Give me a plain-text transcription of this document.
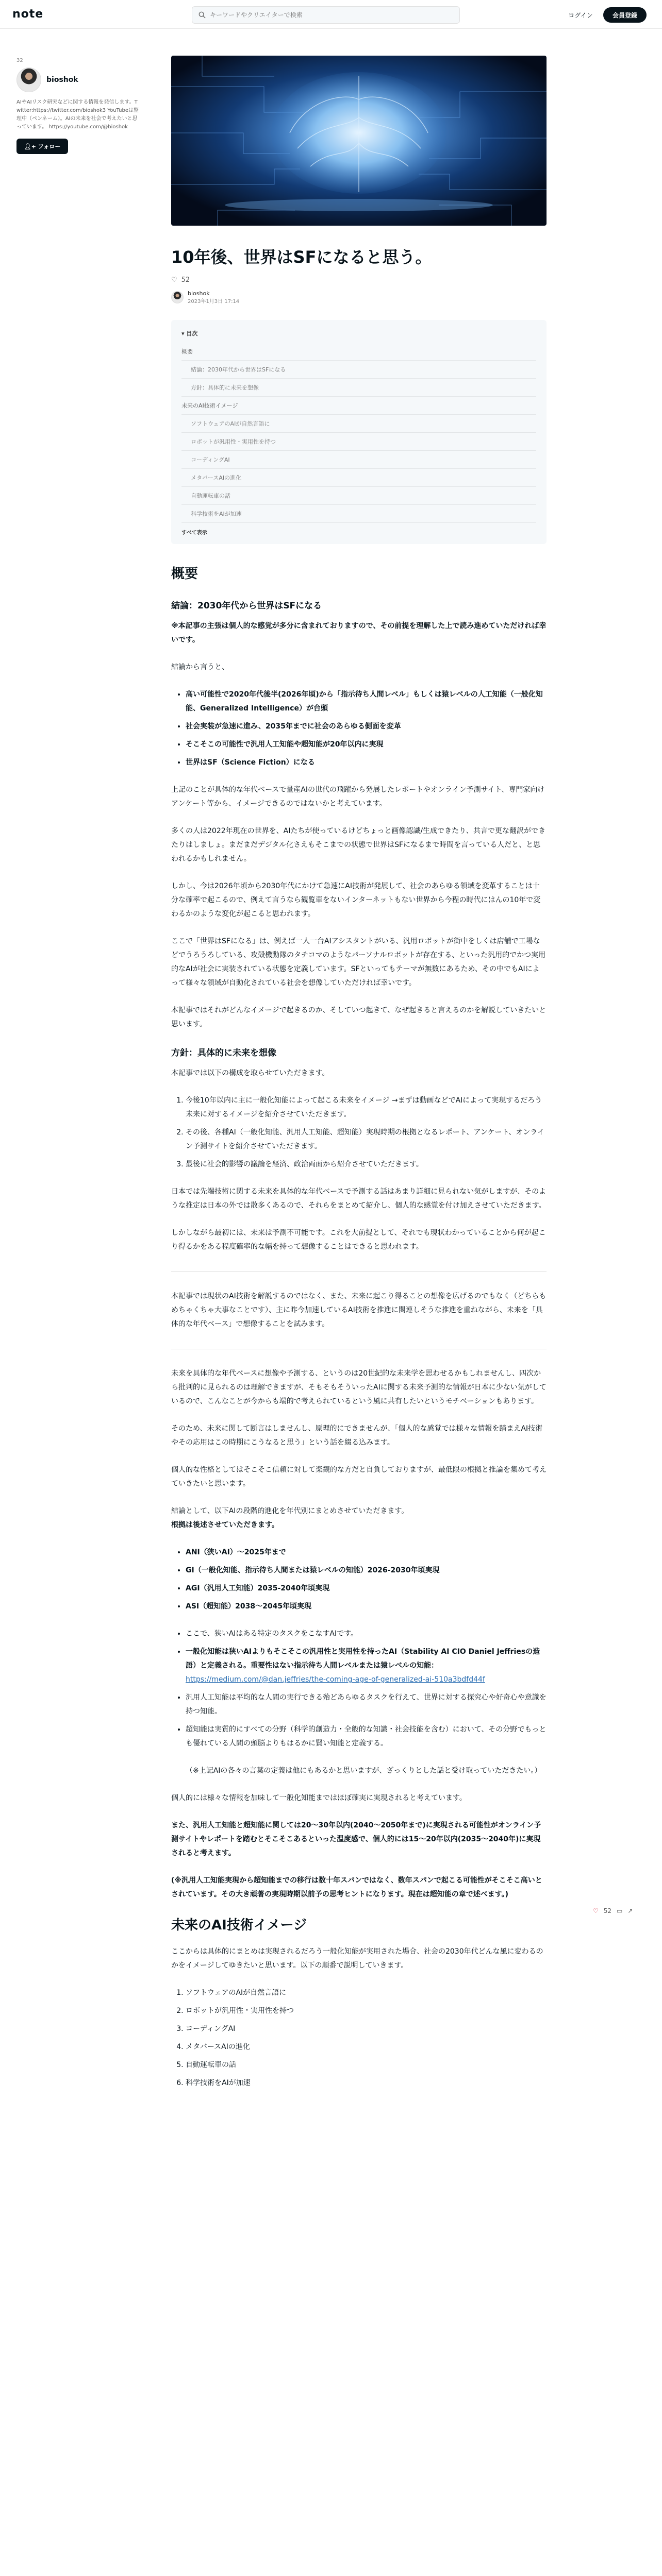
note
キーワードやクリエイターで検索	ログイン	会員登録
32
bioshok
AIやAIリスク研究などに関する情報を発信します。Twitter:https://twitter.com/bioshok3 YouTubeは整理中（ペンネーム）。AIの未来を社会で考えたいと思っています。 https://youtube.com/@bioshok
👤︎+ フォロー
10年後、世界はSFになると思う。
♡ 52
bioshok
2023年1月3日 17:14
▾ 目次
概要
結論：2030年代から世界はSFになる
方針：具体的に未来を想像
未来のAI技術イメージ
ソフトウェアのAIが自然言語に
ロボットが汎用性・実用性を持つ
コーディングAI
メタバースAIの進化
自動運転車の話
科学技術をAIが加速
すべて表示
概要
結論：2030年代から世界はSFになる

※本記事の主張は個人的な感覚が多分に含まれておりますので、その前提を理解した上で読み進めていただければ幸いです。

結論から言うと、

• 高い可能性で2020年代後半(2026年頃)から「指示待ち人間レベル」もしくは猿レベルの人工知能（一般化知能、Generalized Intelligence）が台頭
• 社会実装が急速に進み、2035年までに社会のあらゆる側面を変革
• そこそこの可能性で汎用人工知能や超知能が20年以内に実現
• 世界はSF（Science Fiction）になる

上記のことが具体的な年代ベースで量産AIの世代の飛躍から発展したレポートやオンライン予測サイト、専門家向けアンケート等から、イメージできるのではないかと考えています。

多くの人は2022年現在の世界を、AIたちが使っているけどちょっと画像認識/生成できたり、共言で更な翻訳ができたりはしましょ。まだまだデジタル化さえもそこまでの状態で世界はSFになるまで時間を言っている人だと、と思われるかもしれません。

しかし、今は2026年頃から2030年代にかけて急速にAI技術が発展して、社会のあらゆる領域を変革することは十分な確率で起こるので、例えて言うなら観覧車をないインターネットもない世界から今程の時代にはんの10年で変わるかのような変化が起こると思われます。

ここで「世界はSFになる」は、例えば一人一台AIアシスタントがいる、汎用ロボットが街中をしくは店舗で工場などでうろうろしている、攻殻機動隊のタチコマのようなパーソナルロボットが存在する、といった汎用的でかつ実用的なAIが社会に実装されている状態を定義しています。SFといってもテーマが無数にあるため、その中でもAIによって様々な領域が自動化されている社会を想像していただければ幸いです。

本記事ではそれがどんなイメージで起きるのか、そしていつ起きて、なぜ起きると言えるのかを解説していきたいと思います。

方針：具体的に未来を想像

本記事では以下の構成を取らせていただきます。

1. 今後10年以内に主に一般化知能によって起こる未来をイメージ →まずは動画などでAIによって実現するだろう未来に対するイメージを紹介させていただきます。
2. その後、各種AI（一般化知能、汎用人工知能、超知能）実現時期の根拠となるレポート、アンケート、オンライン予測サイトを紹介させていただきます。
3. 最後に社会的影響の議論を経済、政治両面から紹介させていただきます。

日本では先端技術に関する未来を具体的な年代ベースで予測する話はあまり詳細に見られない気がしますが、そのような推定は日本の外では散多くあるので、それらをまとめて紹介し、個人的な感覚を付け加えさせていただきます。

しかしながら最初には、未来は予測不可能です。これを大前提として、それでも現状わかっていることから何が起こり得るかをある程度確率的な幅を持って想像することはできると思われます。

本記事では現状のAI技術を解説するのではなく、また、未来に起こり得ることの想像を広げるのでもなく（どちらもめちゃくちゃ大事なことです）、主に昨今加速しているAI技術を推進に関連しそうな推進を重ねながら、未来を「具体的な年代ベース」で想像することを試みます。

未来を具体的な年代ベースに想像や予測する、というのは20世紀的な未来学を思わせるかもしれませんし、四次から批判的に見られるのは理解できますが、そもそもそういったAIに関する未来予測的な情報が日本に少ない気がしているので、こんなことが今からも端的で考えられているという風に共有したいというモチベーションもあります。

そのため、未来に関して断言はしませんし、原理的にできませんが、「個人的な感覚では様々な情報を踏まえAI技術やその応用はこの時期にこうなると思う」という話を綴る込みます。

個人的な性格としてはそこそこ信頼に対して楽観的な方だと自負しておりますが、最低限の根拠と推論を集めて考えていきたいと思います。

結論として、以下AIの段階的進化を年代別にまとめさせていただきます。
根拠は後述させていただきます。

• ANI（狭いAI）〜2025年まで
• GI（一般化知能、指示待ち人間または猿レベルの知能）2026-2030年頃実現
• AGI（汎用人工知能）2035-2040年頃実現
• ASI（超知能）2038〜2045年頃実現
• ここで、狭いAIはある特定のタスクをこなすAIです。
• 一般化知能は狭いAIよりもそこそこの汎用性と実用性を持ったAI（Stability AI CIO Daniel Jeffriesの造語）と定義される。重要性はない指示待ち人間レベルまたは猿レベルの知能：
https://medium.com/@dan.jeffries/the-coming-age-of-generalized-ai-510a3bdfd44f
• 汎用人工知能は平均的な人間の実行できる殆どあらゆるタスクを行えて、世界に対する探究心や好奇心や意識を持つ知能。
• 超知能は実質的にすべての分野（科学的創造力・全般的な知識・社会技能を含む）において、その分野でもっとも優れている人間の頭脳よりもはるかに賢い知能と定義する。

（※上記AIの各々の言葉の定義は他にもあるかと思いますが、ざっくりとした話と受け取っていただきたい。）

個人的には様々な情報を加味して一般化知能まではほぼ確実に実現されると考えています。

また、汎用人工知能と超知能に関しては20〜30年以内(2040〜2050年まで)に実現される可能性がオンライン予測サイトやレポートを踏むとそこそこあるといった温度感で、個人的には15〜20年以内(2035〜2040年)に実現されると考えます。

(※汎用人工知能実現から超知能までの移行は数十年スパンではなく、数年スパンで起こる可能性がそこそこ高いとされています。その大き頑著の実現時期以前予の思考ヒントになります。現在は超知能の章で述べます。)

未来のAI技術イメージ

ここからは具体的にまとめは実現されるだろう一般化知能が実用された場合、社会の2030年代どんな風に変わるのかをイメージしてゆきたいと思います。以下の順番で説明していきます。

1. ソフトウェアのAIが自然言語に
2. ロボットが汎用性・実用性を持つ
3. コーディングAI
4. メタバースAIの進化
5. 自動運転車の話
6. 科学技術をAIが加速
♡ 52 ▭ ↗
